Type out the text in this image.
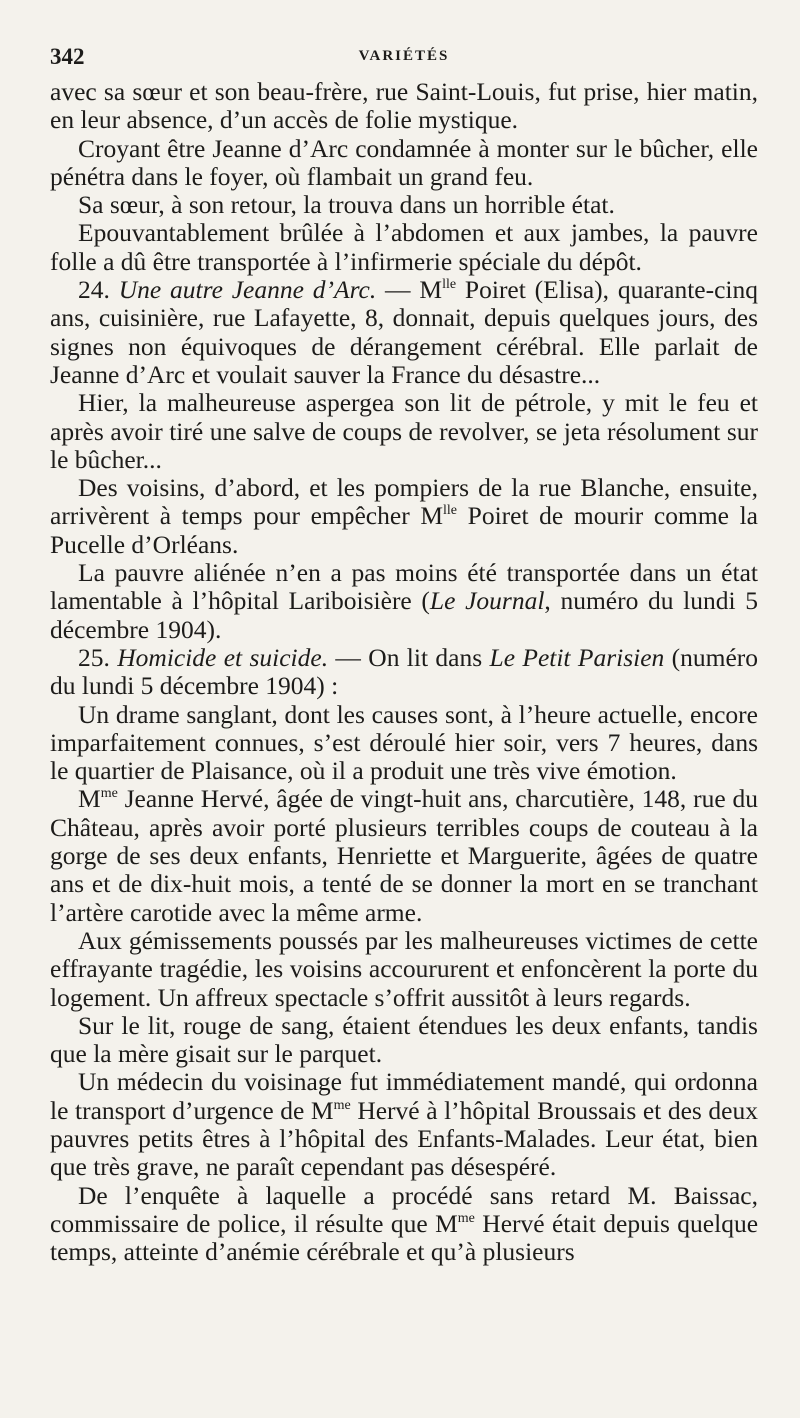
342	VARIÉTÉS

avec sa sœur et son beau-frère, rue Saint-Louis, fut prise, hier matin, en leur absence, d’un accès de folie mystique.

Croyant être Jeanne d’Arc condamnée à monter sur le bûcher, elle pénétra dans le foyer, où flambait un grand feu.

Sa sœur, à son retour, la trouva dans un horrible état.

Epouvantablement brûlée à l’abdomen et aux jambes, la pauvre folle a dû être transportée à l’infirmerie spéciale du dépôt.

24. Une autre Jeanne d’Arc. — $M^{lle}$ Poiret (Elisa), quarante-cinq ans, cuisinière, rue Lafayette, 8, donnait, depuis quelques jours, des signes non équivoques de dérangement cérébral. Elle parlait de Jeanne d’Arc et voulait sauver la France du désastre...

Hier, la malheureuse aspergea son lit de pétrole, y mit le feu et après avoir tiré une salve de coups de revolver, se jeta résolument sur le bûcher...

Des voisins, d’abord, et les pompiers de la rue Blanche, ensuite, arrivèrent à temps pour empêcher $M^{lle}$ Poiret de mourir comme la Pucelle d’Orléans.

La pauvre aliénée n’en a pas moins été transportée dans un état lamentable à l’hôpital Lariboisière (Le Journal, numéro du lundi 5 décembre 1904).

25. Homicide et suicide. — On lit dans Le Petit Parisien (numéro du lundi 5 décembre 1904) :

Un drame sanglant, dont les causes sont, à l’heure actuelle, encore imparfaitement connues, s’est déroulé hier soir, vers 7 heures, dans le quartier de Plaisance, où il a produit une très vive émotion.

$M^{me}$ Jeanne Hervé, âgée de vingt-huit ans, charcutière, 148, rue du Château, après avoir porté plusieurs terribles coups de couteau à la gorge de ses deux enfants, Henriette et Marguerite, âgées de quatre ans et de dix-huit mois, a tenté de se donner la mort en se tranchant l’artère carotide avec la même arme.

Aux gémissements poussés par les malheureuses victimes de cette effrayante tragédie, les voisins accoururent et enfoncèrent la porte du logement. Un affreux spectacle s’offrit aussitôt à leurs regards.

Sur le lit, rouge de sang, étaient étendues les deux enfants, tandis que la mère gisait sur le parquet.

Un médecin du voisinage fut immédiatement mandé, qui ordonna le transport d’urgence de $M^{me}$ Hervé à l’hôpital Broussais et des deux pauvres petits êtres à l’hôpital des Enfants-Malades. Leur état, bien que très grave, ne paraît cependant pas désespéré.

De l’enquête à laquelle a procédé sans retard M. Baissac, commissaire de police, il résulte que $M^{me}$ Hervé était depuis quelque temps, atteinte d’anémie cérébrale et qu’à plusieurs
